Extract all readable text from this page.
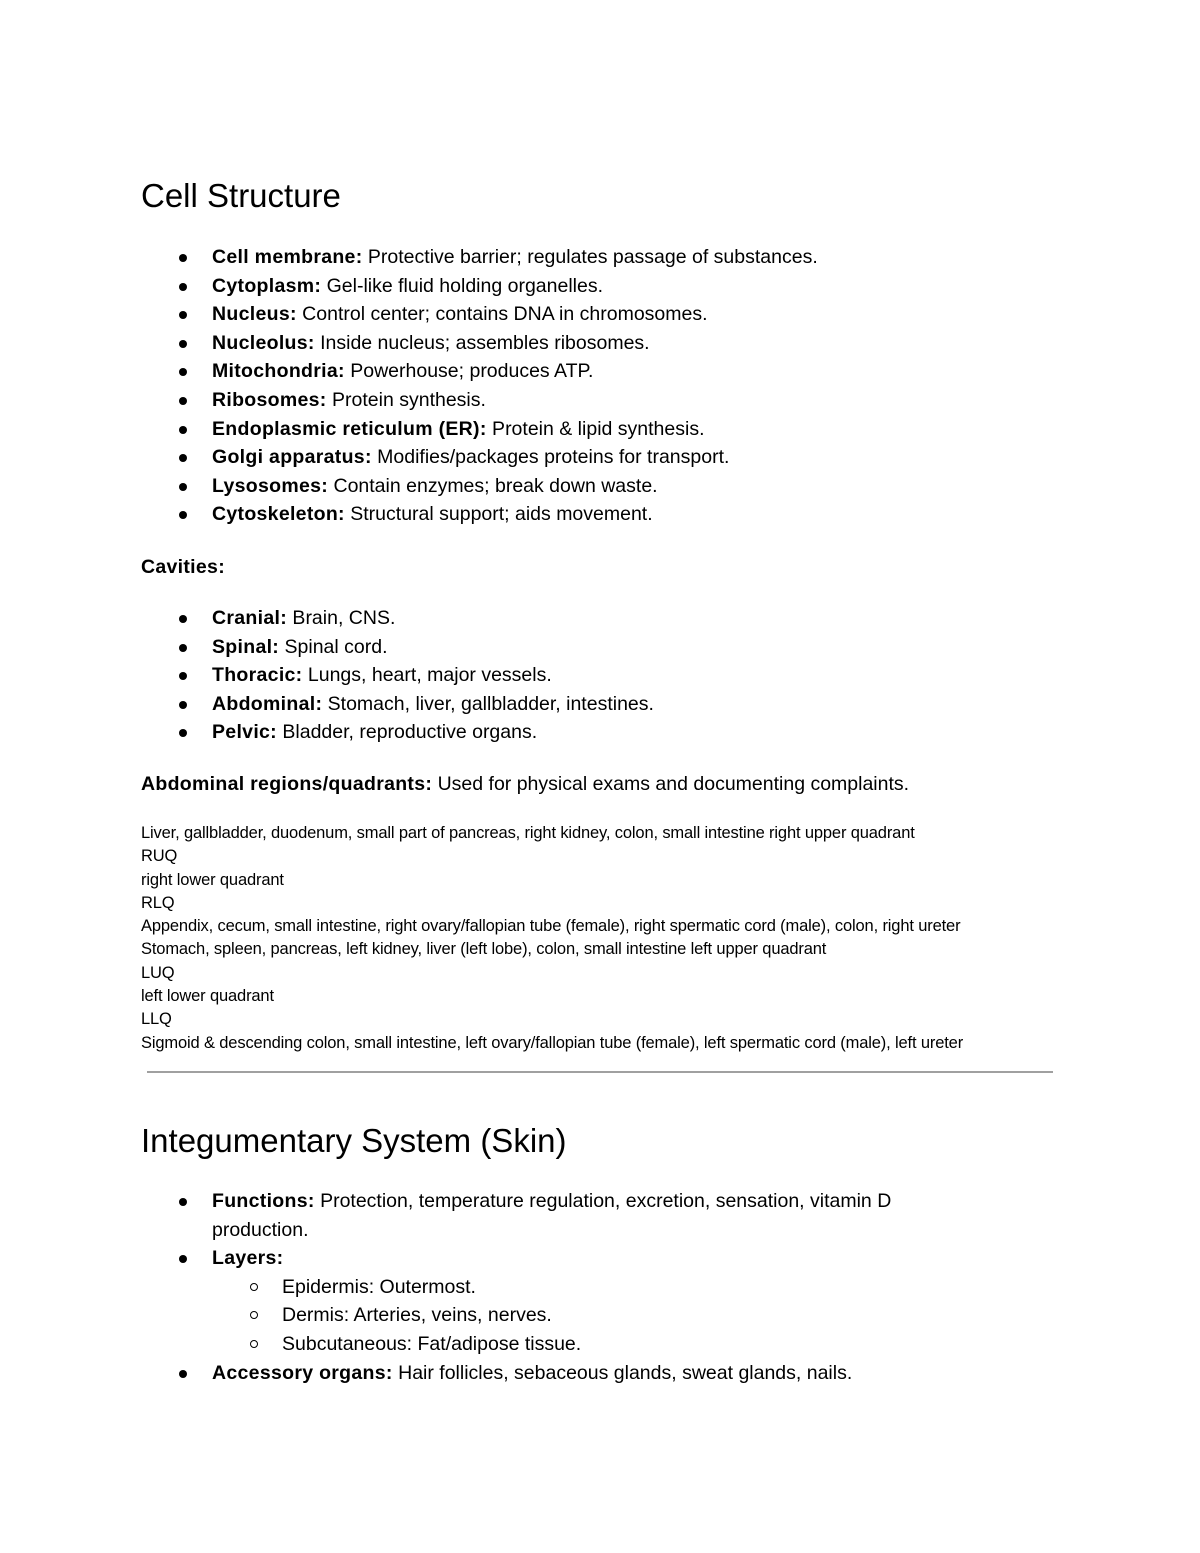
Cell Structure
Cell membrane: Protective barrier; regulates passage of substances.
Cytoplasm: Gel-like fluid holding organelles.
Nucleus: Control center; contains DNA in chromosomes.
Nucleolus: Inside nucleus; assembles ribosomes.
Mitochondria: Powerhouse; produces ATP.
Ribosomes: Protein synthesis.
Endoplasmic reticulum (ER): Protein & lipid synthesis.
Golgi apparatus: Modifies/packages proteins for transport.
Lysosomes: Contain enzymes; break down waste.
Cytoskeleton: Structural support; aids movement.

Cavities:

Cranial: Brain, CNS.
Spinal: Spinal cord.
Thoracic: Lungs, heart, major vessels.
Abdominal: Stomach, liver, gallbladder, intestines.
Pelvic: Bladder, reproductive organs.

Abdominal regions/quadrants: Used for physical exams and documenting complaints.

Liver, gallbladder, duodenum, small part of pancreas, right kidney, colon, small intestine right upper quadrant
RUQ
right lower quadrant
RLQ
Appendix, cecum, small intestine, right ovary/fallopian tube (female), right spermatic cord (male), colon, right ureter
Stomach, spleen, pancreas, left kidney, liver (left lobe), colon, small intestine left upper quadrant
LUQ
left lower quadrant
LLQ
Sigmoid & descending colon, small intestine, left ovary/fallopian tube (female), left spermatic cord (male), left ureter
Integumentary System (Skin)
Functions: Protection, temperature regulation, excretion, sensation, vitamin D production.
Layers:
Epidermis: Outermost.
Dermis: Arteries, veins, nerves.
Subcutaneous: Fat/adipose tissue.
Accessory organs: Hair follicles, sebaceous glands, sweat glands, nails.
